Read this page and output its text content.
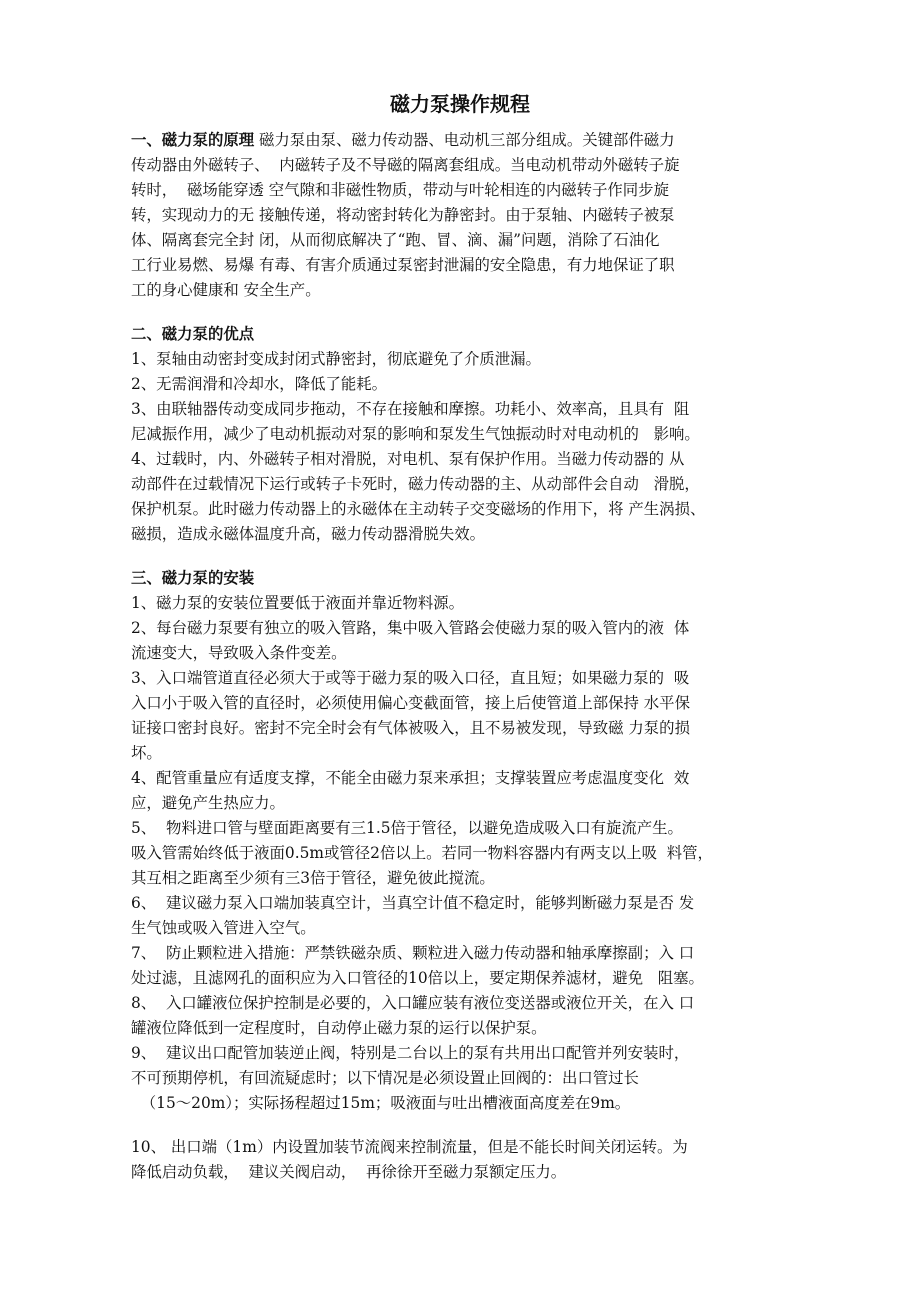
磁力泵操作规程
一、磁力泵的原理 磁力泵由泵、磁力传动器、电动机三部分组成。关键部件磁力
传动器由外磁转子、  内磁转子及不导磁的隔离套组成。当电动机带动外磁转子旋
转时，  磁场能穿透 空气隙和非磁性物质，带动与叶轮相连的内磁转子作同步旋
转，实现动力的无 接触传递，将动密封转化为静密封。由于泵轴、内磁转子被泵
体、隔离套完全封 闭，从而彻底解决了“跑、冒、滴、漏”问题，消除了石油化
工行业易燃、易爆 有毒、有害介质通过泵密封泄漏的安全隐患，有力地保证了职
工的身心健康和 安全生产。
二、磁力泵的优点
1、泵轴由动密封变成封闭式静密封，彻底避免了介质泄漏。
2、无需润滑和冷却水，降低了能耗。
3、由联轴器传动变成同步拖动，不存在接触和摩擦。功耗小、效率高，且具有  阻
尼减振作用，减少了电动机振动对泵的影响和泵发生气蚀振动时对电动机的   影响。
4、过载时，内、外磁转子相对滑脱，对电机、泵有保护作用。当磁力传动器的 从
动部件在过载情况下运行或转子卡死时，磁力传动器的主、从动部件会自动   滑脱，
保护机泵。此时磁力传动器上的永磁体在主动转子交变磁场的作用下，将 产生涡损、
磁损，造成永磁体温度升高，磁力传动器滑脱失效。
三、磁力泵的安装
1、磁力泵的安装位置要低于液面并靠近物料源。
2、每台磁力泵要有独立的吸入管路，集中吸入管路会使磁力泵的吸入管内的液  体
流速变大，导致吸入条件变差。
3、入口端管道直径必须大于或等于磁力泵的吸入口径，直且短；如果磁力泵的  吸
入口小于吸入管的直径时，必须使用偏心变截面管，接上后使管道上部保持 水平保
证接口密封良好。密封不完全时会有气体被吸入，且不易被发现，导致磁 力泵的损
坏。
4、配管重量应有适度支撑，不能全由磁力泵来承担；支撑装置应考虑温度变化  效
应，避免产生热应力。
5、  物料进口管与壁面距离要有三1.5倍于管径，以避免造成吸入口有旋流产生。
吸入管需始终低于液面0.5m或管径2倍以上。若同一物料容器内有两支以上吸  料管，
其互相之距离至少须有三3倍于管径，避免彼此搅流。
6、  建议磁力泵入口端加装真空计，当真空计值不稳定时，能够判断磁力泵是否 发
生气蚀或吸入管进入空气。
7、  防止颗粒进入措施：严禁铁磁杂质、颗粒进入磁力传动器和轴承摩擦副；入 口
处过滤，且滤网孔的面积应为入口管径的10倍以上，要定期保养滤材，避免   阻塞。
8、  入口罐液位保护控制是必要的，入口罐应装有液位变送器或液位开关，在入 口
罐液位降低到一定程度时，自动停止磁力泵的运行以保护泵。
9、  建议出口配管加装逆止阀，特别是二台以上的泵有共用出口配管并列安装时，
不可预期停机，有回流疑虑时；以下情况是必须设置止回阀的：出口管过长
（15～20m）；实际扬程超过15m；吸液面与吐出槽液面高度差在9m。
10、 出口端（1m）内设置加装节流阀来控制流量，但是不能长时间关闭运转。为
降低启动负载，  建议关阀启动，  再徐徐开至磁力泵额定压力。
